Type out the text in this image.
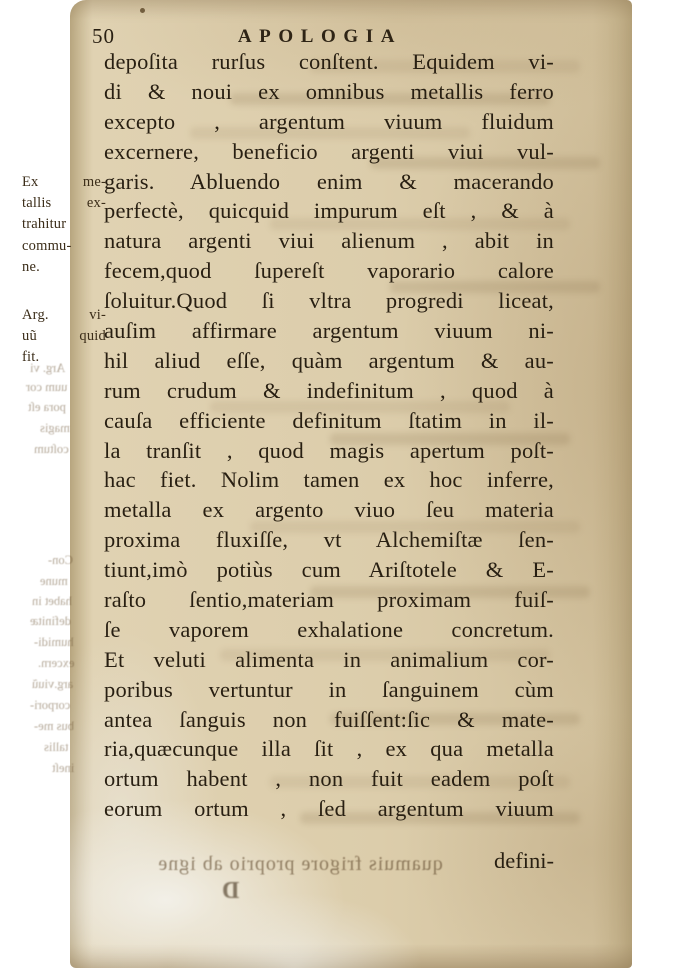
50	APOLOGIA
Ex me-
tallis ex-
trahitur
commu-
ne.
Arg. vi-
uũ quid
fit.
depoſita rurſus conſtent. Equidem vi-
di & noui ex omnibus metallis ferro
excepto , argentum viuum fluidum
excernere, beneficio argenti viui vul-
garis. Abluendo enim & macerando
perfectè, quicquid impurum eſt , & à
natura argenti viui alienum , abit in
fecem,quod ſupereſt vaporario calore
ſoluitur.Quod ſi vltra progredi liceat,
auſim affirmare argentum viuum ni-
hil aliud eſſe, quàm argentum & au-
rum crudum & indefinitum , quod à
cauſa efficiente definitum ſtatim in il-
la tranſit , quod magis apertum poſt-
hac fiet. Nolim tamen ex hoc inferre,
metalla ex argento viuo ſeu materia
proxima fluxiſſe, vt Alchemiſtæ ſen-
tiunt,imò potiùs cum Ariſtotele & E-
raſto ſentio,materiam proximam fuiſ-
ſe vaporem exhalatione concretum.
Et veluti alimenta in animalium cor-
poribus vertuntur in ſanguinem cùm
antea ſanguis non fuiſſent:ſic & mate-
ria,quæcunque illa ſit , ex qua metalla
ortum habent , non fuit eadem poſt
eorum ortum , ſed argentum viuum
defini-
Arg. vi
uum cor
pora eſt
magis
coſtum
Con-
mune
habet in
definitæ
humidi-
excern.
arg.viuũ
corpori-
bus me-
tallis
ineſt
quamuis frigore proprio ab igne
D
